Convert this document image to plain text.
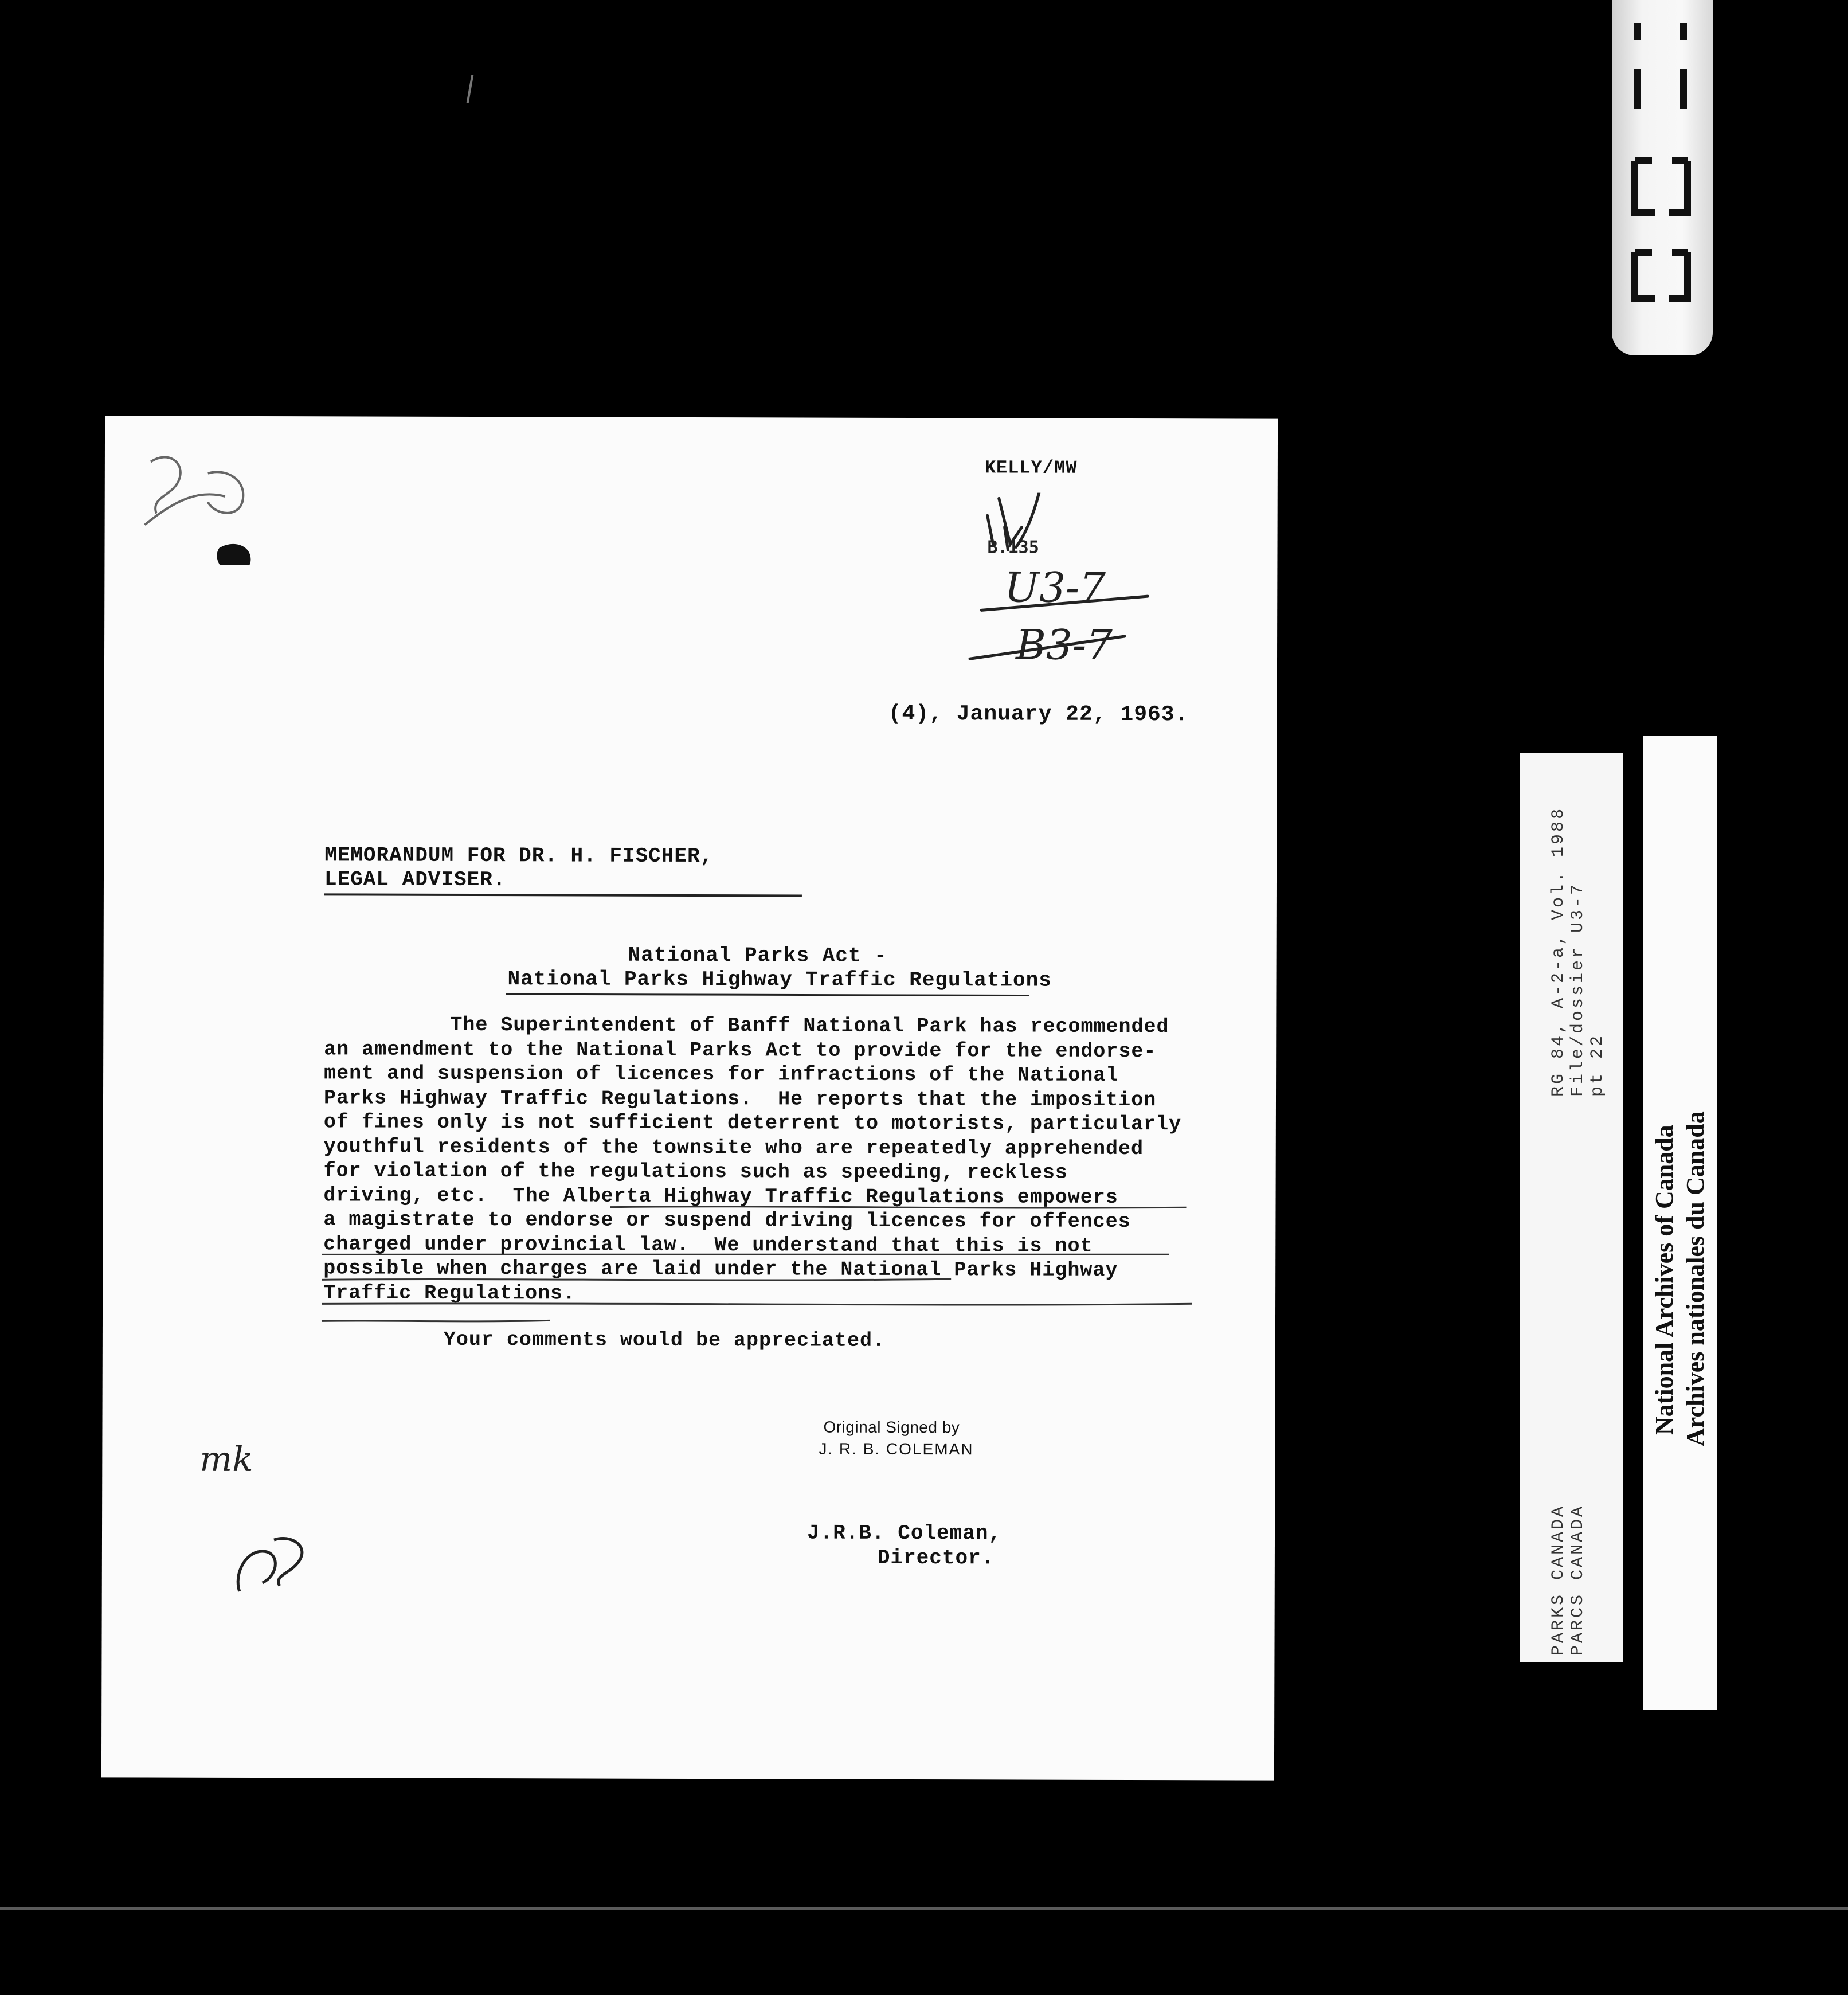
KELLY/MW
B.135
U3-7
B3-7
(4), January 22, 1963.
MEMORANDUM FOR DR. H. FISCHER,
LEGAL ADVISER.
National Parks Act -
National Parks Highway Traffic Regulations
The Superintendent of Banff National Park has recommended
an amendment to the National Parks Act to provide for the endorse-
ment and suspension of licences for infractions of the National
Parks Highway Traffic Regulations.  He reports that the imposition
of fines only is not sufficient deterrent to motorists, particularly
youthful residents of the townsite who are repeatedly apprehended
for violation of the regulations such as speeding, reckless
driving, etc.  The Alberta Highway Traffic Regulations empowers
a magistrate to endorse or suspend driving licences for offences
charged under provincial law.  We understand that this is not
possible when charges are laid under the National Parks Highway
Traffic Regulations.
Your comments would be appreciated.
Original Signed by
J. R. B. COLEMAN
J.R.B. Coleman,
Director.
mk
RG 84, A-2-a, Vol. 1988 File/dossier U3-7 pt 22
PARKS CANADA PARCS CANADA
National Archives of Canada Archives nationales du Canada
